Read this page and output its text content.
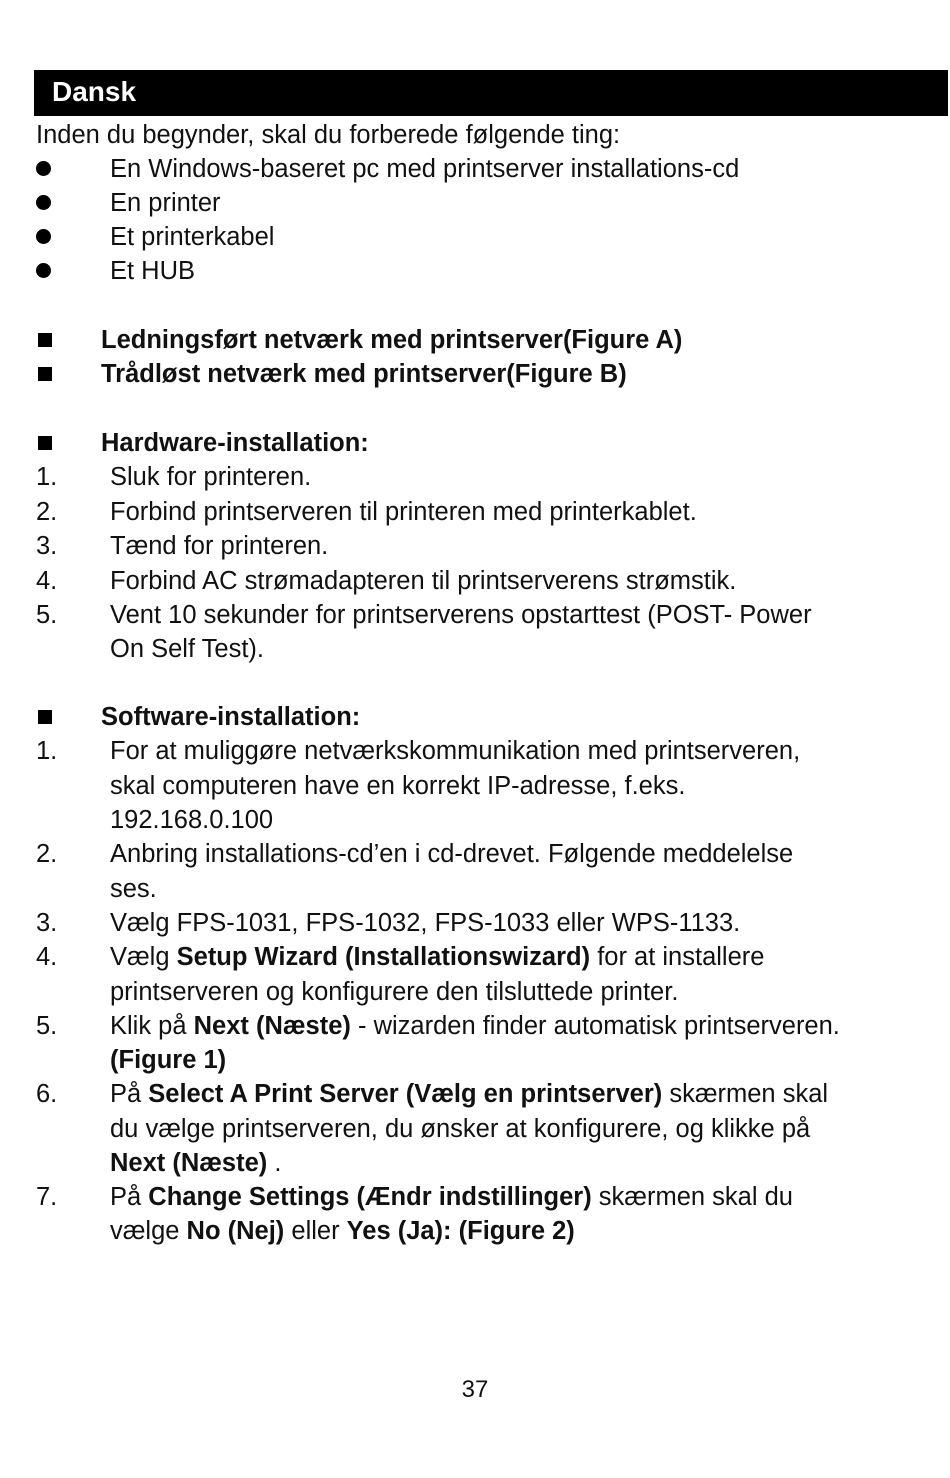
Dansk
Inden du begynder, skal du forberede følgende ting:
En Windows-baseret pc med printserver installations-cd
En printer
Et printerkabel
Et HUB
Ledningsført netværk med printserver(Figure A)
Trådløst netværk med printserver(Figure B)
Hardware-installation:
1. Sluk for printeren.
2. Forbind printserveren til printeren med printerkablet.
3. Tænd for printeren.
4. Forbind AC strømadapteren til printserverens strømstik.
5. Vent 10 sekunder for printserverens opstarttest (POST- Power
On Self Test).
Software-installation:
1. For at muliggøre netværkskommunikation med printserveren,
skal computeren have en korrekt IP-adresse, f.eks.
192.168.0.100
2. Anbring installations-cd’en i cd-drevet. Følgende meddelelse
ses.
3. Vælg FPS-1031, FPS-1032, FPS-1033 eller WPS-1133.
4. Vælg Setup Wizard (Installationswizard) for at installere
printserveren og konfigurere den tilsluttede printer.
5. Klik på Next (Næste) - wizarden finder automatisk printserveren.
(Figure 1)
6. På Select A Print Server (Vælg en printserver) skærmen skal
du vælge printserveren, du ønsker at konfigurere, og klikke på
Next (Næste) .
7. På Change Settings (Ændr indstillinger) skærmen skal du
vælge No (Nej) eller Yes (Ja): (Figure 2)
37
